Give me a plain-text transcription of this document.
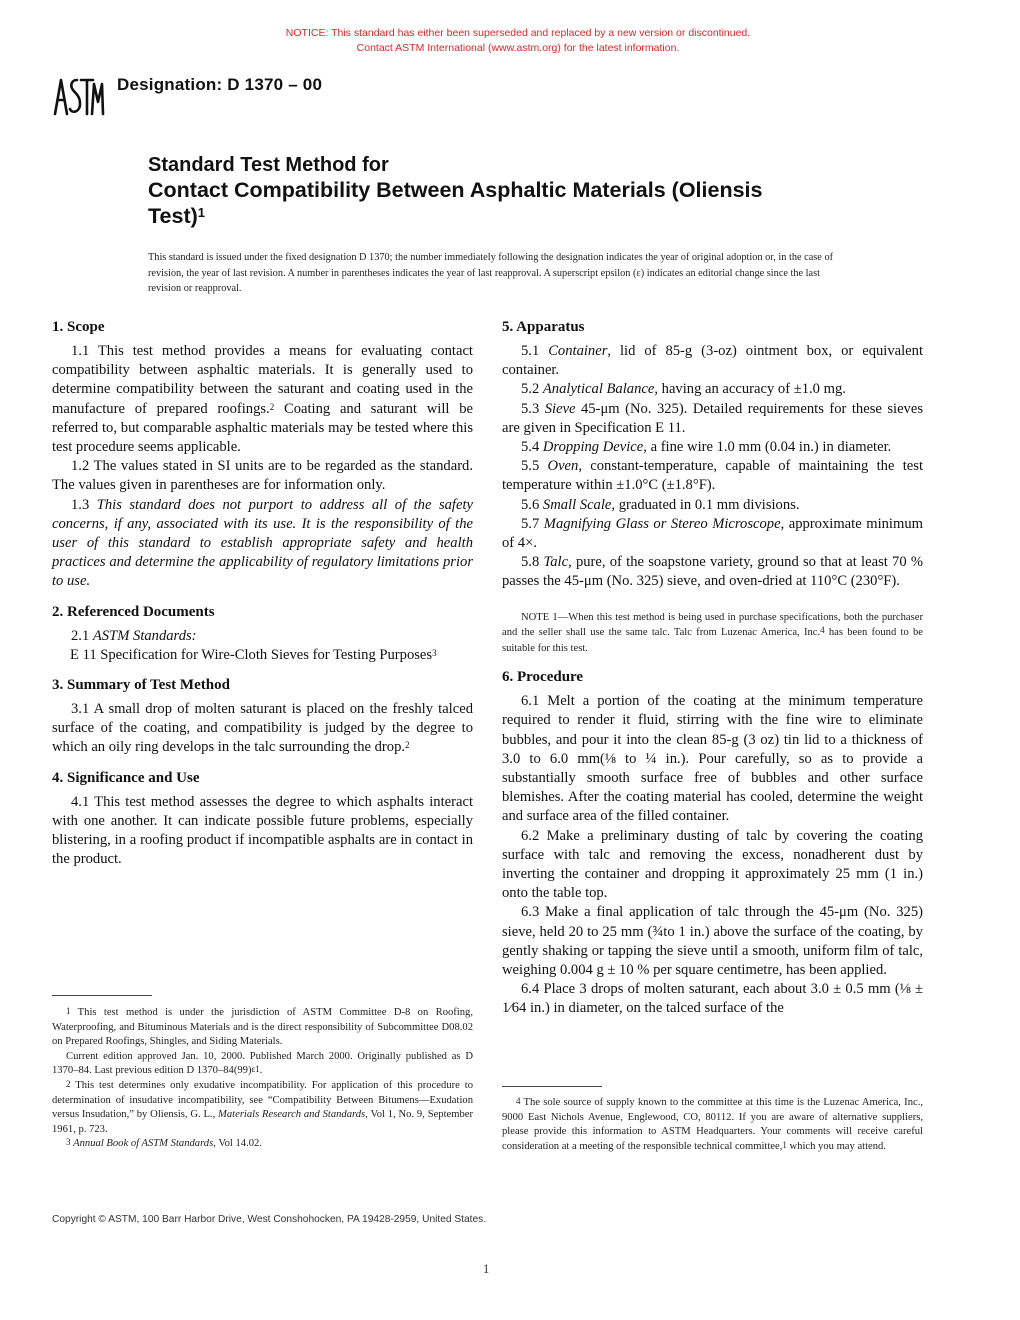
NOTICE: This standard has either been superseded and replaced by a new version or discontinued.
Contact ASTM International (www.astm.org) for the latest information.
ASTM
Designation: D 1370 – 00
Standard Test Method for
Contact Compatibility Between Asphaltic Materials (Oliensis
Test)$^1$
This standard is issued under the fixed designation D 1370; the number immediately following the designation indicates the year of original adoption or, in the case of revision, the year of last revision. A number in parentheses indicates the year of last reapproval. A superscript epsilon (ε) indicates an editorial change since the last revision or reapproval.
1. Scope

1.1 This test method provides a means for evaluating contact compatibility between asphaltic materials. It is generally used to determine compatibility between the saturant and coating used in the manufacture of prepared roofings.$^2$ Coating and saturant will be referred to, but comparable asphaltic materials may be tested where this test procedure seems applicable.

1.2 The values stated in SI units are to be regarded as the standard. The values given in parentheses are for information only.

1.3 This standard does not purport to address all of the safety concerns, if any, associated with its use. It is the responsibility of the user of this standard to establish appropriate safety and health practices and determine the applicability of regulatory limitations prior to use.

2. Referenced Documents

2.1 ASTM Standards:

E 11 Specification for Wire-Cloth Sieves for Testing Purposes$^3$

3. Summary of Test Method

3.1 A small drop of molten saturant is placed on the freshly talced surface of the coating, and compatibility is judged by the degree to which an oily ring develops in the talc surrounding the drop.$^2$

4. Significance and Use

4.1 This test method assesses the degree to which asphalts interact with one another. It can indicate possible future problems, especially blistering, in a roofing product if incompatible asphalts are in contact in the product.

$^1$ This test method is under the jurisdiction of ASTM Committee D-8 on Roofing, Waterproofing, and Bituminous Materials and is the direct responsibility of Subcommittee D08.02 on Prepared Roofings, Shingles, and Siding Materials.

Current edition approved Jan. 10, 2000. Published March 2000. Originally published as D 1370–84. Last previous edition D 1370–84(99)$^{\varepsilon 1}$.

$^2$ This test determines only exudative incompatibility. For application of this procedure to determination of insudative incompatibility, see “Compatibility Between Bitumens—Exudation versus Insudation,” by Oliensis, G. L., Materials Research and Standards, Vol 1, No. 9, September 1961, p. 723.

$^3$ Annual Book of ASTM Standards, Vol 14.02.

5. Apparatus

5.1 Container, lid of 85-g (3-oz) ointment box, or equivalent container.

5.2 Analytical Balance, having an accuracy of ±1.0 mg.

5.3 Sieve 45-μm (No. 325). Detailed requirements for these sieves are given in Specification E 11.

5.4 Dropping Device, a fine wire 1.0 mm (0.04 in.) in diameter.

5.5 Oven, constant-temperature, capable of maintaining the test temperature within ±1.0°C (±1.8°F).

5.6 Small Scale, graduated in 0.1 mm divisions.

5.7 Magnifying Glass or Stereo Microscope, approximate minimum of 4×.

5.8 Talc, pure, of the soapstone variety, ground so that at least 70 % passes the 45-μm (No. 325) sieve, and oven-dried at 110°C (230°F).

NOTE 1—When this test method is being used in purchase specifications, both the purchaser and the seller shall use the same talc. Talc from Luzenac America, Inc.$^4$ has been found to be suitable for this test.

6. Procedure

6.1 Melt a portion of the coating at the minimum temperature required to render it fluid, stirring with the fine wire to eliminate bubbles, and pour it into the clean 85-g (3 oz) tin lid to a thickness of 3.0 to 6.0 mm(⅛ to ¼ in.). Pour carefully, so as to provide a substantially smooth surface free of bubbles and other surface blemishes. After the coating material has cooled, determine the weight and surface area of the filled container.

6.2 Make a preliminary dusting of talc by covering the coating surface with talc and removing the excess, nonadherent dust by inverting the container and dropping it approximately 25 mm (1 in.) onto the table top.

6.3 Make a final application of talc through the 45-μm (No. 325) sieve, held 20 to 25 mm (¾to 1 in.) above the surface of the coating, by gently shaking or tapping the sieve until a smooth, uniform film of talc, weighing 0.004 g ± 10 % per square centimetre, has been applied.

6.4 Place 3 drops of molten saturant, each about 3.0 ± 0.5 mm (⅛ ± 1⁄64 in.) in diameter, on the talced surface of the

$^4$ The sole source of supply known to the committee at this time is the Luzenac America, Inc., 9000 East Nichols Avenue, Englewood, CO, 80112. If you are aware of alternative suppliers, please provide this information to ASTM Headquarters. Your comments will receive careful consideration at a meeting of the responsible technical committee,$^1$ which you may attend.

Copyright © ASTM, 100 Barr Harbor Drive, West Conshohocken, PA 19428-2959, United States.
1
